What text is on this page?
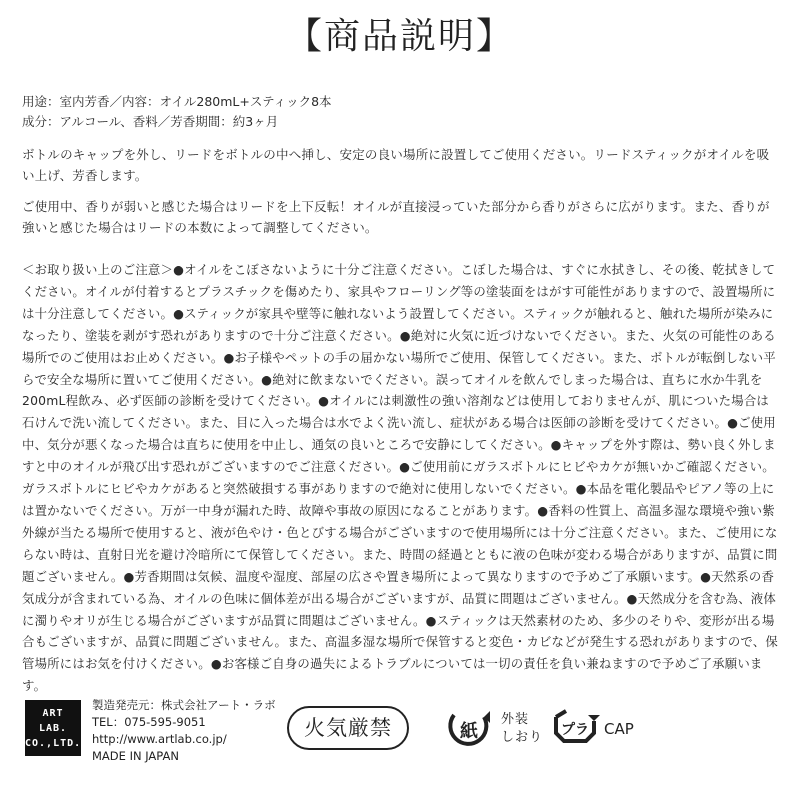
【商品説明】
用途：室内芳香／内容：オイル280mL+スティック8本
成分：アルコール、香料／芳香期間：約3ヶ月
ボトルのキャップを外し、リードをボトルの中へ挿し、安定の良い場所に設置してご使用ください。リードスティックがオイルを吸い上げ、芳香します。
ご使用中、香りが弱いと感じた場合はリードを上下反転！オイルが直接浸っていた部分から香りがさらに広がります。また、香りが強いと感じた場合はリードの本数によって調整してください。
＜お取り扱い上のご注意＞●オイルをこぼさないように十分ご注意ください。こぼした場合は、すぐに水拭きし、その後、乾拭きしてください。オイルが付着するとプラスチックを傷めたり、家具やフローリング等の塗装面をはがす可能性がありますので、設置場所には十分注意してください。●スティックが家具や壁等に触れないよう設置してください。スティックが触れると、触れた場所が染みになったり、塗装を剥がす恐れがありますので十分ご注意ください。●絶対に火気に近づけないでください。また、火気の可能性のある場所でのご使用はお止めください。●お子様やペットの手の届かない場所でご使用、保管してください。また、ボトルが転倒しない平らで安全な場所に置いてご使用ください。●絶対に飲まないでください。誤ってオイルを飲んでしまった場合は、直ちに水か牛乳を200mL程飲み、必ず医師の診断を受けてください。●オイルには刺激性の強い溶剤などは使用しておりませんが、肌についた場合は石けんで洗い流してください。また、目に入った場合は水でよく洗い流し、症状がある場合は医師の診断を受けてください。●ご使用中、気分が悪くなった場合は直ちに使用を中止し、通気の良いところで安静にしてください。●キャップを外す際は、勢い良く外しますと中のオイルが飛び出す恐れがございますのでご注意ください。●ご使用前にガラスボトルにヒビやカケが無いかご確認ください。ガラスボトルにヒビやカケがあると突然破損する事がありますので絶対に使用しないでください。●本品を電化製品やピアノ等の上には置かないでください。万が一中身が漏れた時、故障や事故の原因になることがあります。●香料の性質上、高温多湿な環境や強い紫外線が当たる場所で使用すると、液が色やけ・色とびする場合がございますので使用場所には十分ご注意ください。また、ご使用にならない時は、直射日光を避け冷暗所にて保管してください。また、時間の経過とともに液の色味が変わる場合がありますが、品質に問題ございません。●芳香期間は気候、温度や湿度、部屋の広さや置き場所によって異なりますので予めご了承願います。●天然系の香気成分が含まれている為、オイルの色味に個体差が出る場合がございますが、品質に問題はございません。●天然成分を含む為、液体に濁りやオリが生じる場合がございますが品質に問題はございません。●スティックは天然素材のため、多少のそりや、変形が出る場合もございますが、品質に問題ございません。また、高温多湿な場所で保管すると変色・カビなどが発生する恐れがありますので、保管場所にはお気を付けください。●お客様ご自身の過失によるトラブルについては一切の責任を負い兼ねますので予めご了承願います。
ART
LAB.
CO.,LTD.
製造発売元：株式会社アート・ラボ
TEL：075-595-9051
http://www.artlab.co.jp/
MADE IN JAPAN
火気厳禁	紙
外装
しおり プラ CAP
